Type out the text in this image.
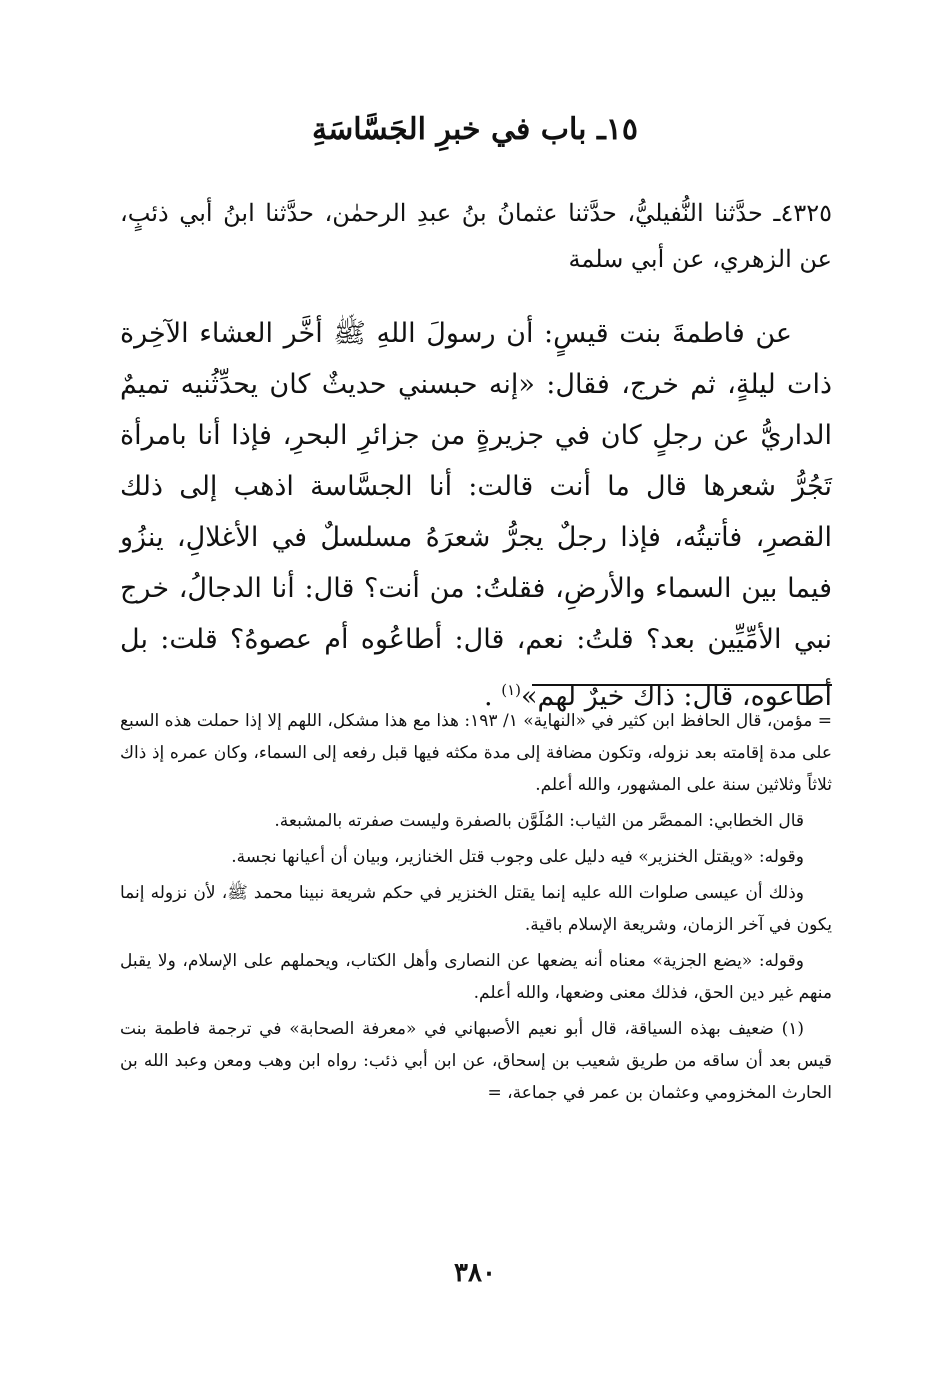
١٥ـ باب في خبرِ الجَسَّاسَةِ

٤٣٢٥ـ حدَّثنا النُّفيليُّ، حدَّثنا عثمانُ بنُ عبدِ الرحمٰن، حدَّثنا ابنُ أبي ذئبٍ، عن الزهري، عن أبي سلمة

عن فاطمةَ بنت قيسٍ: أن رسولَ اللهِ ﷺ أخَّر العشاء الآخِرة ذات ليلةٍ، ثم خرج، فقال: «إنه حبسني حديثٌ كان يحدِّثُنيه تميمٌ الداريُّ عن رجلٍ كان في جزيرةٍ من جزائرِ البحرِ، فإذا أنا بامرأة تَجُرُّ شعرها قال ما أنت قالت: أنا الجسَّاسة اذهب إلى ذلك القصرِ، فأتيتُه، فإذا رجلٌ يجرُّ شعرَهُ مسلسلٌ في الأغلالِ، ينزُو فيما بين السماء والأرضِ، فقلتُ: من أنت؟ قال: أنا الدجالُ، خرج نبي الأمِّيِّين بعد؟ قلتُ: نعم، قال: أطاعُوه أم عصوهُ؟ قلت: بل أطاعوه، قال: ذاك خيرٌ لهم»$^{(١)}$ .

= مؤمن، قال الحافظ ابن كثير في «النهاية» ١/ ١٩٣: هذا مع هذا مشكل، اللهم إلا إذا حملت هذه السبع على مدة إقامته بعد نزوله، وتكون مضافة إلى مدة مكثه فيها قبل رفعه إلى السماء، وكان عمره إذ ذاك ثلاثاً وثلاثين سنة على المشهور، والله أعلم.

قال الخطابي: الممصَّر من الثياب: المُلَوَّن بالصفرة وليست صفرته بالمشبعة.

وقوله: «ويقتل الخنزير» فيه دليل على وجوب قتل الخنازير، وبيان أن أعيانها نجسة.

وذلك أن عيسى صلوات الله عليه إنما يقتل الخنزير في حكم شريعة نبينا محمد ﷺ، لأن نزوله إنما يكون في آخر الزمان، وشريعة الإسلام باقية.

وقوله: «يضع الجزية» معناه أنه يضعها عن النصارى وأهل الكتاب، ويحملهم على الإسلام، ولا يقبل منهم غير دين الحق، فذلك معنى وضعها، والله أعلم.

(١) ضعيف بهذه السياقة، قال أبو نعيم الأصبهاني في «معرفة الصحابة» في ترجمة فاطمة بنت قيس بعد أن ساقه من طريق شعيب بن إسحاق، عن ابن أبي ذئب: رواه ابن وهب ومعن وعبد الله بن الحارث المخزومي وعثمان بن عمر في جماعة، =

٣٨٠
